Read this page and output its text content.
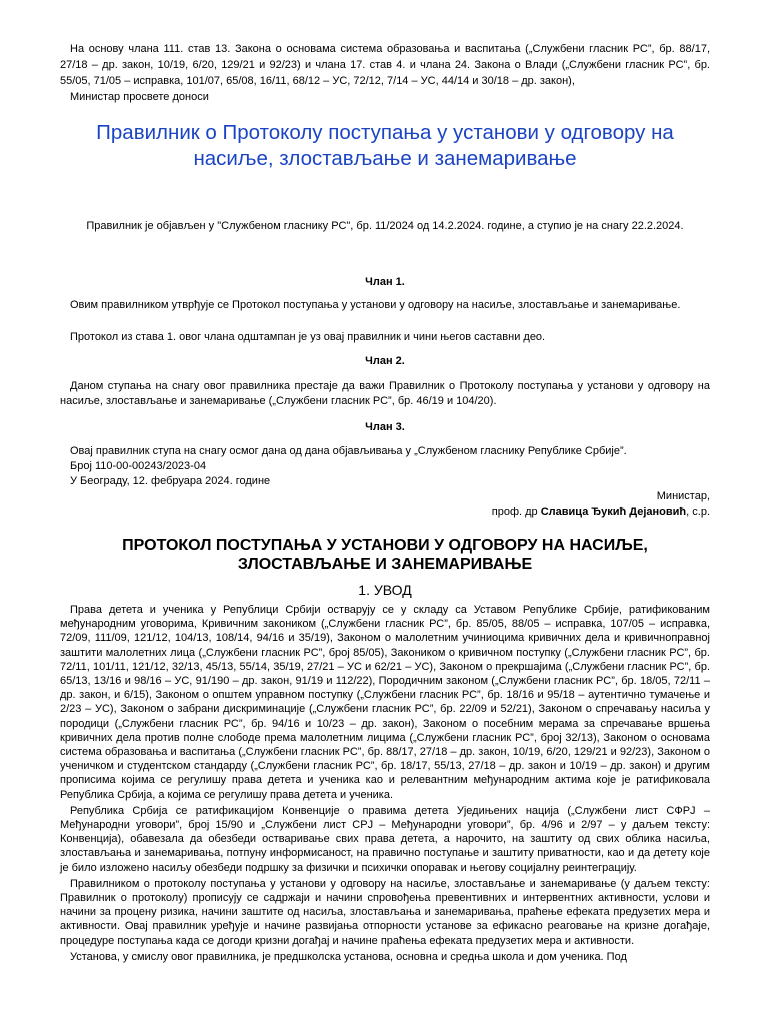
На основу члана 111. став 13. Закона о основама система образовања и васпитања („Службени гласник РС”, бр. 88/17, 27/18 – др. закон, 10/19, 6/20, 129/21 и 92/23) и члана 17. став 4. и члана 24. Закона о Влади („Службени гласник РС”, бр. 55/05, 71/05 – исправка, 101/07, 65/08, 16/11, 68/12 – УС, 72/12, 7/14 – УС, 44/14 и 30/18 – др. закон),
Министар просвете доноси
Правилник о Протоколу поступања у установи у одговору на насиље, злостављање и занемаривање
Правилник је објављен у "Службеном гласнику РС", бр. 11/2024 од 14.2.2024. године, а ступио је на снагу 22.2.2024.
Члан 1.
Овим правилником утврђује се Протокол поступања у установи у одговору на насиље, злостављање и занемаривање.
Протокол из става 1. овог члана одштампан је уз овај правилник и чини његов саставни део.
Члан 2.
Даном ступања на снагу овог правилника престаје да важи Правилник о Протоколу поступања у установи у одговору на насиље, злостављање и занемаривање („Службени гласник РС”, бр. 46/19 и 104/20).
Члан 3.
Овај правилник ступа на снагу осмог дана од дана објављивања у „Службеном гласнику Републике Србије”.
Број 110-00-00243/2023-04
У Београду, 12. фебруара 2024. године
Министар,
проф. др Славица Ђукић Дејановић, с.р.
ПРОТОКОЛ ПОСТУПАЊА У УСТАНОВИ У ОДГОВОРУ НА НАСИЉЕ, ЗЛОСТАВЉАЊЕ И ЗАНЕМАРИВАЊЕ
1. УВОД

Права детета и ученика у Републици Србији остварују се у складу са Уставом Републике Србије, ратификованим међународним уговорима, Кривичним закоником („Службени гласник РС”, бр. 85/05, 88/05 – исправка, 107/05 – исправка, 72/09, 111/09, 121/12, 104/13, 108/14, 94/16 и 35/19), Законом о малолетним учиниоцима кривичних дела и кривичноправној заштити малолетних лица („Службени гласник РС”, број 85/05), Закоником о кривичном поступку („Службени гласник РС”, бр. 72/11, 101/11, 121/12, 32/13, 45/13, 55/14, 35/19, 27/21 – УС и 62/21 – УС), Законом о прекршајима („Службени гласник РС”, бр. 65/13, 13/16 и 98/16 – УС, 91/190 – др. закон, 91/19 и 112/22), Породичним законом („Службени гласник РС”, бр. 18/05, 72/11 – др. закон, и 6/15), Законом о општем управном поступку („Службени гласник РС”, бр. 18/16 и 95/18 – аутентично тумачење и 2/23 – УС), Законом о забрани дискриминације („Службени гласник РС”, бр. 22/09 и 52/21), Законом о спречавању насиља у породици („Службени гласник РС”, бр. 94/16 и 10/23 – др. закон), Законом о посебним мерама за спречавање вршења кривичних дела против полне слободе према малолетним лицима („Службени гласник РС”, број 32/13), Законом о основама система образовања и васпитања („Службени гласник РС”, бр. 88/17, 27/18 – др. закон, 10/19, 6/20, 129/21 и 92/23), Законом о ученичком и студентском стандарду („Службени гласник РС”, бр. 18/17, 55/13, 27/18 – др. закон и 10/19 – др. закон) и другим прописима којима се регулишу права детета и ученика као и релевантним међународним актима које је ратификовала Република Србија, а којима се регулишу права детета и ученика.

Република Србија се ратификацијом Конвенције о правима детета Уједињених нација („Службени лист СФРЈ – Међународни уговори”, број 15/90 и „Службени лист СРЈ – Међународни уговори”, бр. 4/96 и 2/97 – у даљем тексту: Конвенција), обавезала да обезбеди остваривање свих права детета, а нарочито, на заштиту од свих облика насиља, злостављања и занемаривања, потпуну информисаност, на правично поступање и заштиту приватности, као и да детету које је било изложено насиљу обезбеди подршку за физички и психички опоравак и његову социјалну реинтеграцију.

Правилником о протоколу поступања у установи у одговору на насиље, злостављање и занемаривање (у даљем тексту: Правилник о протоколу) прописују се садржаји и начини спровођења превентивних и интервентних активности, услови и начини за процену ризика, начини заштите од насиља, злостављања и занемаривања, праћење ефеката предузетих мера и активности. Овај правилник уређује и начине развијања отпорности установе за ефикасно реаговање на кризне догађаје, процедуре поступања када се догоди кризни догађај и начине праћења ефеката предузетих мера и активности.

Установа, у смислу овог правилника, је предшколска установа, основна и средња школа и дом ученика. Под
